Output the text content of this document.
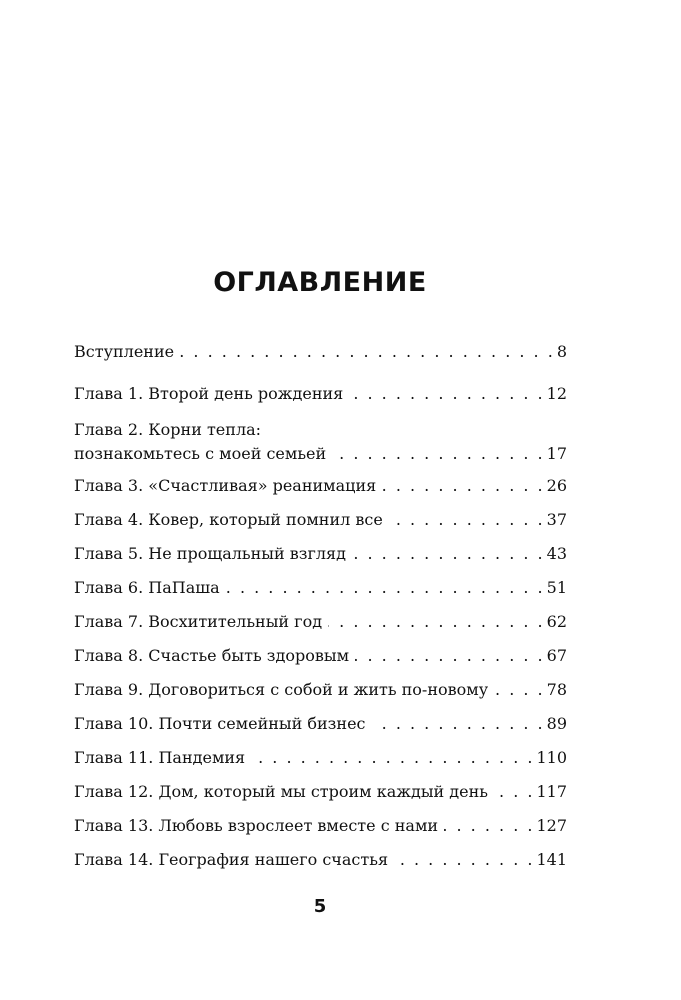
ОГЛАВЛЕНИЕ
Вступление . . .	8
Глава 1. Второй день рождения . . .	12
Глава 2. Корни тепла:
познакомьтесь с моей семьей . . .	17
Глава 3. «Счастливая» реанимация . . .	26
Глава 4. Ковер, который помнил все . . .	37
Глава 5. Не прощальный взгляд . . .	43
Глава 6. ПаПаша . . .	51
Глава 7. Восхитительный год . . .	62
Глава 8. Счастье быть здоровым . . .	67
Глава 9. Договориться с собой и жить по-новому . . .	78
Глава 10. Почти семейный бизнес . . .	89
Глава 11. Пандемия . . .	110
Глава 12. Дом, который мы строим каждый день . . .	117
Глава 13. Любовь взрослеет вместе с нами . . .	127
Глава 14. География нашего счастья . . .	141
5
